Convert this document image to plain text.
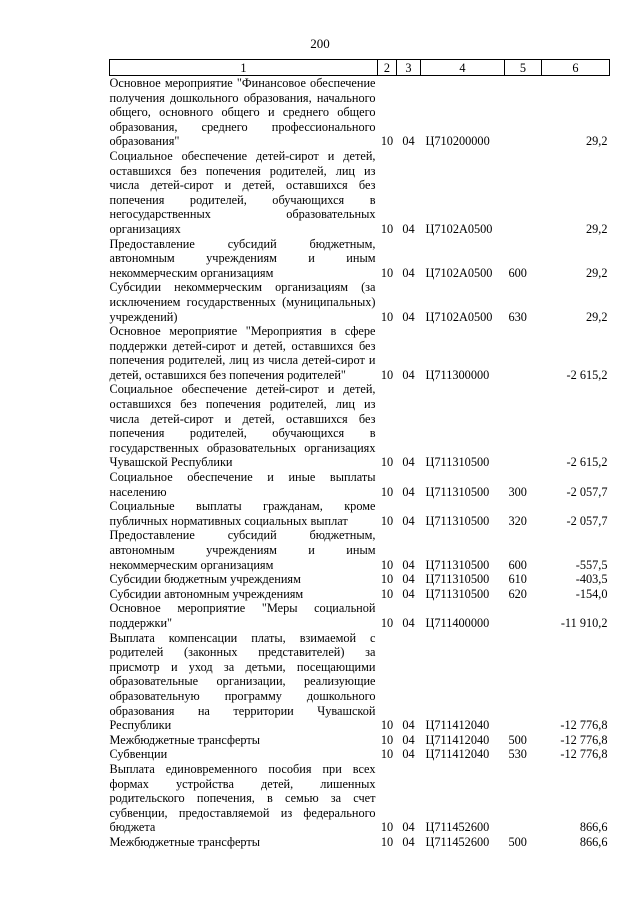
200
1	2	3	4	5	6
Основное мероприятие "Финансовое обеспечение получения дошкольного образования, начального общего, основного общего и среднего общего образования, среднего профессионального образования"	10	04	Ц710200000		29,2
Социальное обеспечение детей-сирот и детей, оставшихся без попечения родителей, лиц из числа детей-сирот и детей, оставшихся без попечения родителей, обучающихся в негосударственных образовательных организациях	10	04	Ц7102А0500		29,2
Предоставление субсидий бюджетным, автономным учреждениям и иным некоммерческим организациям	10	04	Ц7102А0500	600	29,2
Субсидии некоммерческим организациям (за исключением государственных (муниципальных) учреждений)	10	04	Ц7102А0500	630	29,2
Основное мероприятие "Мероприятия в сфере поддержки детей-сирот и детей, оставшихся без попечения родителей, лиц из числа детей-сирот и детей, оставшихся без попечения родителей"	10	04	Ц711300000		-2 615,2
Социальное обеспечение детей-сирот и детей, оставшихся без попечения родителей, лиц из числа детей-сирот и детей, оставшихся без попечения родителей, обучающихся в государственных образовательных организациях Чувашской Республики	10	04	Ц711310500		-2 615,2
Социальное обеспечение и иные выплаты населению	10	04	Ц711310500	300	-2 057,7
Социальные выплаты гражданам, кроме публичных нормативных социальных выплат	10	04	Ц711310500	320	-2 057,7
Предоставление субсидий бюджетным, автономным учреждениям и иным некоммерческим организациям	10	04	Ц711310500	600	-557,5
Субсидии бюджетным учреждениям	10	04	Ц711310500	610	-403,5
Субсидии автономным учреждениям	10	04	Ц711310500	620	-154,0
Основное мероприятие "Меры социальной поддержки"	10	04	Ц711400000		-11 910,2
Выплата компенсации платы, взимаемой с родителей (законных представителей) за присмотр и уход за детьми, посещающими образовательные организации, реализующие образовательную программу дошкольного образования на территории Чувашской Республики	10	04	Ц711412040		-12 776,8
Межбюджетные трансферты	10	04	Ц711412040	500	-12 776,8
Субвенции	10	04	Ц711412040	530	-12 776,8
Выплата единовременного пособия при всех формах устройства детей, лишенных родительского попечения, в семью за счет субвенции, предоставляемой из федерального бюджета	10	04	Ц711452600		866,6
Межбюджетные трансферты	10	04	Ц711452600	500	866,6
